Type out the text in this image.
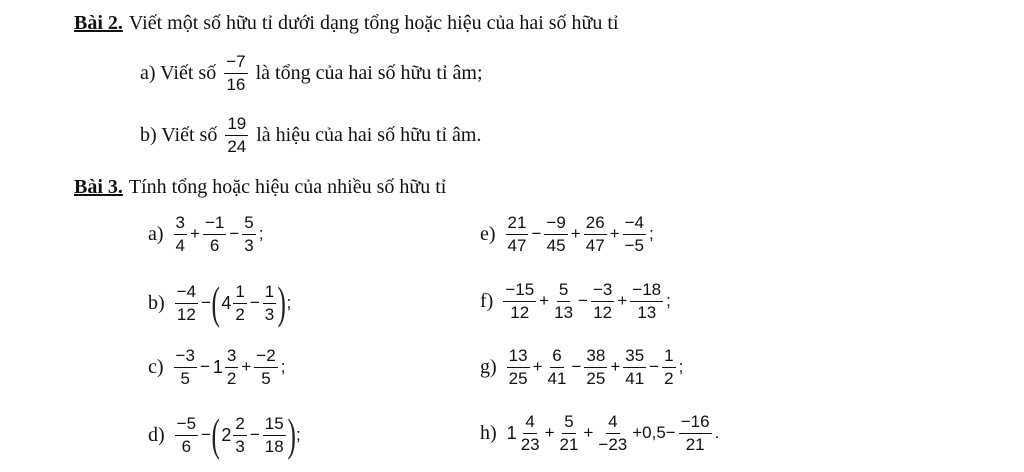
Bài 2. Viết một số hữu tỉ dưới dạng tổng hoặc hiệu của hai số hữu tỉ
a) Viết số $\frac{-7}{16}$ là tổng của hai số hữu tỉ âm;
b) Viết số $\frac{19}{24}$ là hiệu của hai số hữu tỉ âm.
Bài 3. Tính tổng hoặc hiệu của nhiều số hữu tỉ
$a) \frac{3}{4} + \frac{-1}{6} - \frac{5}{3}$ ;
$b) \frac{-4}{12}$ − ( $4 \frac{1}{2} - \frac{1}{3}$ ) ;
$c) \frac{-3}{5} - 1 \frac{3}{2} + \frac{-2}{5}$ ;
$d) \frac{-5}{6}$ − ( $2 \frac{2}{3} - \frac{15}{18}$ ) ;
$e) \frac{21}{47} - \frac{-9}{45} + \frac{26}{47} + \frac{-4}{-5}$ ;
$f) \frac{-15}{12} + \frac{5}{13} - \frac{-3}{12} + \frac{-18}{13}$ ;
$g) \frac{13}{25} + \frac{6}{41} - \frac{38}{25} + \frac{35}{41} - \frac{1}{2}$ ;
h) $1 \frac{4}{23} + \frac{5}{21} + \frac{4}{-23} +0,5- \frac{-16}{21}$ .
